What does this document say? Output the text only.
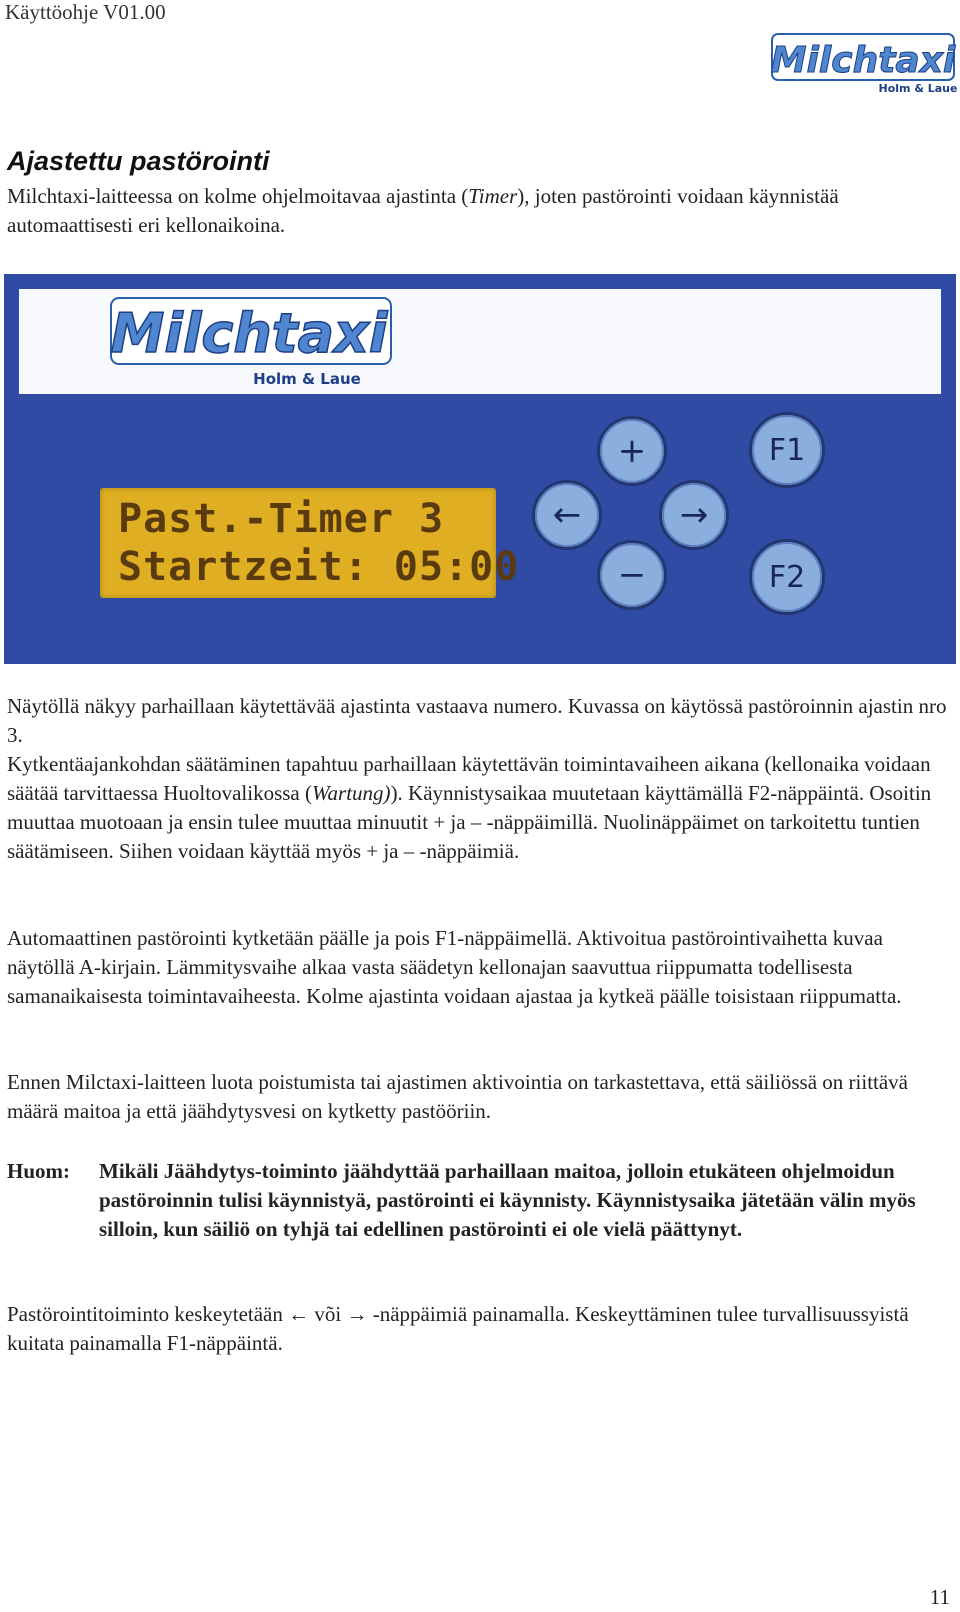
Käyttöohje V01.00
Milchtaxi
Holm & Laue
Ajastettu pastörointi

Milchtaxi-laitteessa on kolme ohjelmoitavaa ajastinta (Timer), joten pastörointi voidaan käynnistää automaattisesti eri kellonaikoina.

Milchtaxi
Holm & Laue
Past.-Timer 3
Startzeit: 05:00
+
−
←	→
F1
F2

Näytöllä näkyy parhaillaan käytettävää ajastinta vastaava numero. Kuvassa on käytössä pastöroinnin ajastin nro 3.

Kytkentäajankohdan säätäminen tapahtuu parhaillaan käytettävän toimintavaiheen aikana (kellonaika voidaan säätää tarvittaessa Huoltovalikossa (Wartung)). Käynnistysaikaa muutetaan käyttämällä F2-näppäintä. Osoitin muuttaa muotoaan ja ensin tulee muuttaa minuutit + ja – -näppäimillä. Nuolinäppäimet on tarkoitettu tuntien säätämiseen. Siihen voidaan käyttää myös + ja – -näppäimiä.

Automaattinen pastörointi kytketään päälle ja pois F1-näppäimellä. Aktivoitua pastörointivaihetta kuvaa näytöllä A-kirjain. Lämmitysvaihe alkaa vasta säädetyn kellonajan saavuttua riippumatta todellisesta samanaikaisesta toimintavaiheesta. Kolme ajastinta voidaan ajastaa ja kytkeä päälle toisistaan riippumatta.

Ennen Milctaxi-laitteen luota poistumista tai ajastimen aktivointia on tarkastettava, että säiliössä on riittävä määrä maitoa ja että jäähdytysvesi on kytketty pastööriin.

Huom: Mikäli Jäähdytys-toiminto jäähdyttää parhaillaan maitoa, jolloin etukäteen ohjelmoidun pastöroinnin tulisi käynnistyä, pastörointi ei käynnisty. Käynnistysaika jätetään välin myös silloin, kun säiliö on tyhjä tai edellinen pastörointi ei ole vielä päättynyt.

Pastörointitoiminto keskeytetään ← või → -näppäimiä painamalla. Keskeyttäminen tulee turvallisuussyistä kuitata painamalla F1-näppäintä.

11
